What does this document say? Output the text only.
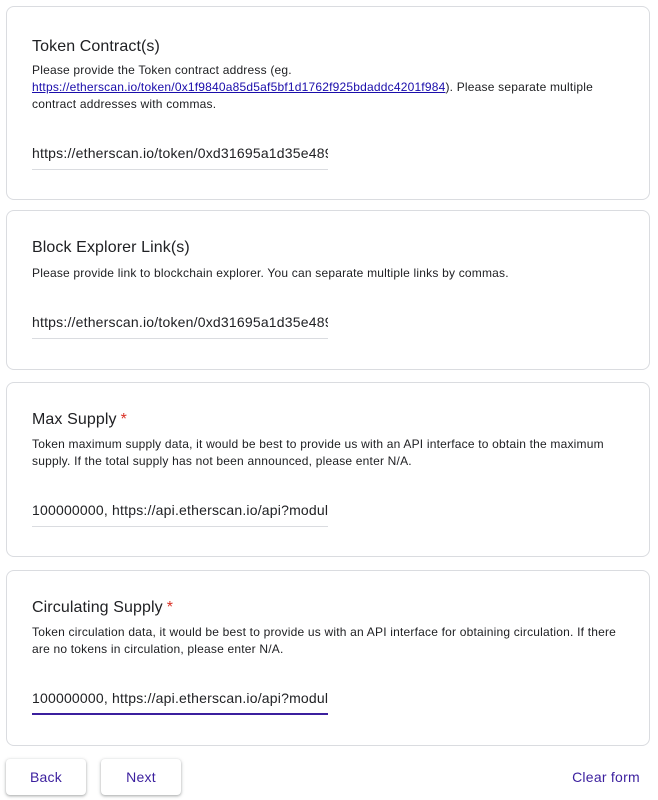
Token Contract(s)
Please provide the Token contract address (eg. https://etherscan.io/token/0x1f9840a85d5af5bf1d1762f925bdaddc4201f984). Please separate multiple contract addresses with commas.
https://etherscan.io/token/0xd31695a1d35e489252ce57b129fd4b1b05e6acac
Block Explorer Link(s)
Please provide link to blockchain explorer. You can separate multiple links by commas.
https://etherscan.io/token/0xd31695a1d35e489252ce57b129fd4b1b05e6acac
Max Supply *
Token maximum supply data, it would be best to provide us with an API interface to obtain the maximum supply. If the total supply has not been announced, please enter N/A.
100000000, https://api.etherscan.io/api?module=stats&action=tokensupply
Circulating Supply *
Token circulation data, it would be best to provide us with an API interface for obtaining circulation. If there are no tokens in circulation, please enter N/A.
100000000, https://api.etherscan.io/api?module=stats&action=tokensupply
Back	Next	Clear form
